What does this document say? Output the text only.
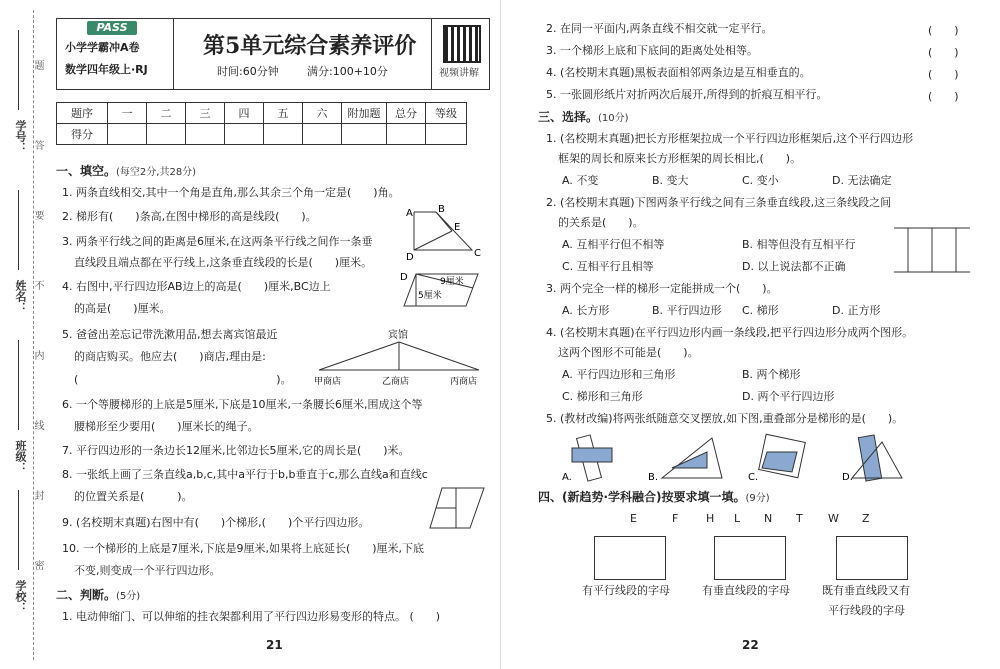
学号：
姓名：
班级：
学校：
题
答
要
不
内
线
封
密
PASS
小学学霸冲A卷
数学四年级上·RJ
第5单元综合素养评价
时间:60分钟	满分:100+10分	视频讲解
题序	一	二	三	四	五	六	附加题	总分	等级
得分									
一、填空。(每空2分,共28分)
1. 两条直线相交,其中一个角是直角,那么其余三个角一定是(　　)角。
2. 梯形有(　　)条高,在图中梯形的高是线段(　　)。
3. 两条平行线之间的距离是6厘米,在这两条平行线之间作一条垂
直线段且端点都在平行线上,这条垂直线段的长是(　　)厘米。
4. 右图中,平行四边形AB边上的高是(　　)厘米,BC边上
的高是(　　)厘米。
5. 爸爸出差忘记带洗漱用品,想去离宾馆最近
的商店购买。他应去(　　)商店,理由是:
(　　　　　　　　　　　　　　　　　　)。
6. 一个等腰梯形的上底是5厘米,下底是10厘米,一条腰长6厘米,围成这个等
腰梯形至少要用(　　)厘米长的绳子。
7. 平行四边形的一条边长12厘米,比邻边长5厘米,它的周长是(　　)米。
8. 一张纸上画了三条直线a,b,c,其中a平行于b,b垂直于c,那么直线a和直线c
的位置关系是(　　　)。
9. (名校期末真题)右图中有(　　)个梯形,(　　)个平行四边形。
10. 一个梯形的上底是7厘米,下底是9厘米,如果将上底延长(　　)厘米,下底
不变,则变成一个平行四边形。
二、判断。(5分)
1. 电动伸缩门、可以伸缩的挂衣架都利用了平行四边形易变形的特点。 (　　)
A	B
E
D	C
D	9厘米
5厘米
宾馆
甲商店	乙商店	丙商店
21
2. 在同一平面内,两条直线不相交就一定平行。	(　　)
3. 一个梯形上底和下底间的距离处处相等。	(　　)
4. (名校期末真题)黑板表面相邻两条边是互相垂直的。	(　　)
5. 一张圆形纸片对折两次后展开,所得到的折痕互相平行。	(　　)
三、选择。(10分)
1. (名校期末真题)把长方形框架拉成一个平行四边形框架后,这个平行四边形
框架的周长和原来长方形框架的周长相比,(　　)。
A. 不变	B. 变大	C. 变小	D. 无法确定
2. (名校期末真题)下图两条平行线之间有三条垂直线段,这三条线段之间
的关系是(　　)。
A. 互相平行但不相等	B. 相等但没有互相平行
C. 互相平行且相等	D. 以上说法都不正确
3. 两个完全一样的梯形一定能拼成一个(　　)。
A. 长方形	B. 平行四边形 C. 梯形	D. 正方形
4. (名校期末真题)在平行四边形内画一条线段,把平行四边形分成两个图形。
这两个图形不可能是(　　)。
A. 平行四边形和三角形	B. 两个梯形
C. 梯形和三角形	D. 两个平行四边形
5. (教材改编)将两张纸随意交叉摆放,如下图,重叠部分是梯形的是(　　)。
A.	B.	C.	D.
四、(新趋势·学科融合)按要求填一填。(9分)
E	F	H L N T W Z
有平行线段的字母	有垂直线段的字母	既有垂直线段又有
平行线段的字母
22
